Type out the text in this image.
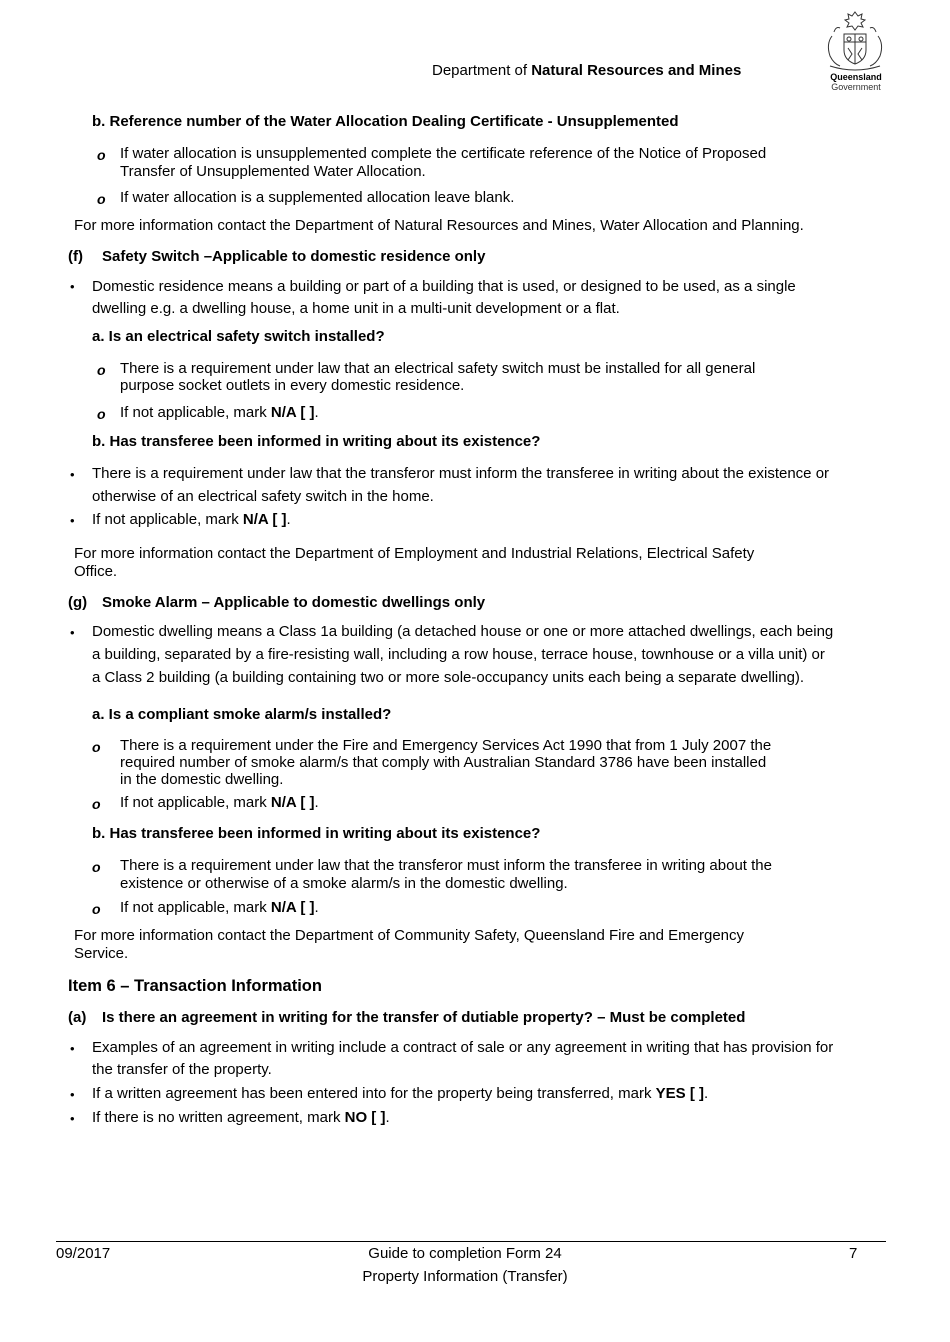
Queensland
Government
Department of Natural Resources and Mines
b. Reference number of the Water Allocation Dealing Certificate - Unsupplemented
o If water allocation is unsupplemented complete the certificate reference of the Notice of Proposed
Transfer of Unsupplemented Water Allocation.
o If water allocation is a supplemented allocation leave blank.
For more information contact the Department of Natural Resources and Mines, Water Allocation and Planning.
(f) Safety Switch –Applicable to domestic residence only
• Domestic residence means a building or part of a building that is used, or designed to be used, as a single
dwelling e.g. a dwelling house, a home unit in a multi-unit development or a flat.
a. Is an electrical safety switch installed?
o There is a requirement under law that an electrical safety switch must be installed for all general
purpose socket outlets in every domestic residence.
o If not applicable, mark N/A [ ].
b. Has transferee been informed in writing about its existence?
• There is a requirement under law that the transferor must inform the transferee in writing about the existence or
otherwise of an electrical safety switch in the home.
• If not applicable, mark N/A [ ].
For more information contact the Department of Employment and Industrial Relations, Electrical Safety
Office.
(g) Smoke Alarm – Applicable to domestic dwellings only
• Domestic dwelling means a Class 1a building (a detached house or one or more attached dwellings, each being
a building, separated by a fire-resisting wall, including a row house, terrace house, townhouse or a villa unit) or
a Class 2 building (a building containing two or more sole-occupancy units each being a separate dwelling).
a. Is a compliant smoke alarm/s installed?
o There is a requirement under the Fire and Emergency Services Act 1990 that from 1 July 2007 the
required number of smoke alarm/s that comply with Australian Standard 3786 have been installed
in the domestic dwelling.
o If not applicable, mark N/A [ ].
b. Has transferee been informed in writing about its existence?
o There is a requirement under law that the transferor must inform the transferee in writing about the
existence or otherwise of a smoke alarm/s in the domestic dwelling.
o If not applicable, mark N/A [ ].
For more information contact the Department of Community Safety, Queensland Fire and Emergency
Service.
Item 6 – Transaction Information
(a) Is there an agreement in writing for the transfer of dutiable property? – Must be completed
• Examples of an agreement in writing include a contract of sale or any agreement in writing that has provision for
the transfer of the property.
• If a written agreement has been entered into for the property being transferred, mark YES [ ].
• If there is no written agreement, mark NO [ ].
09/2017	Guide to completion Form 24
Property Information (Transfer)
7
